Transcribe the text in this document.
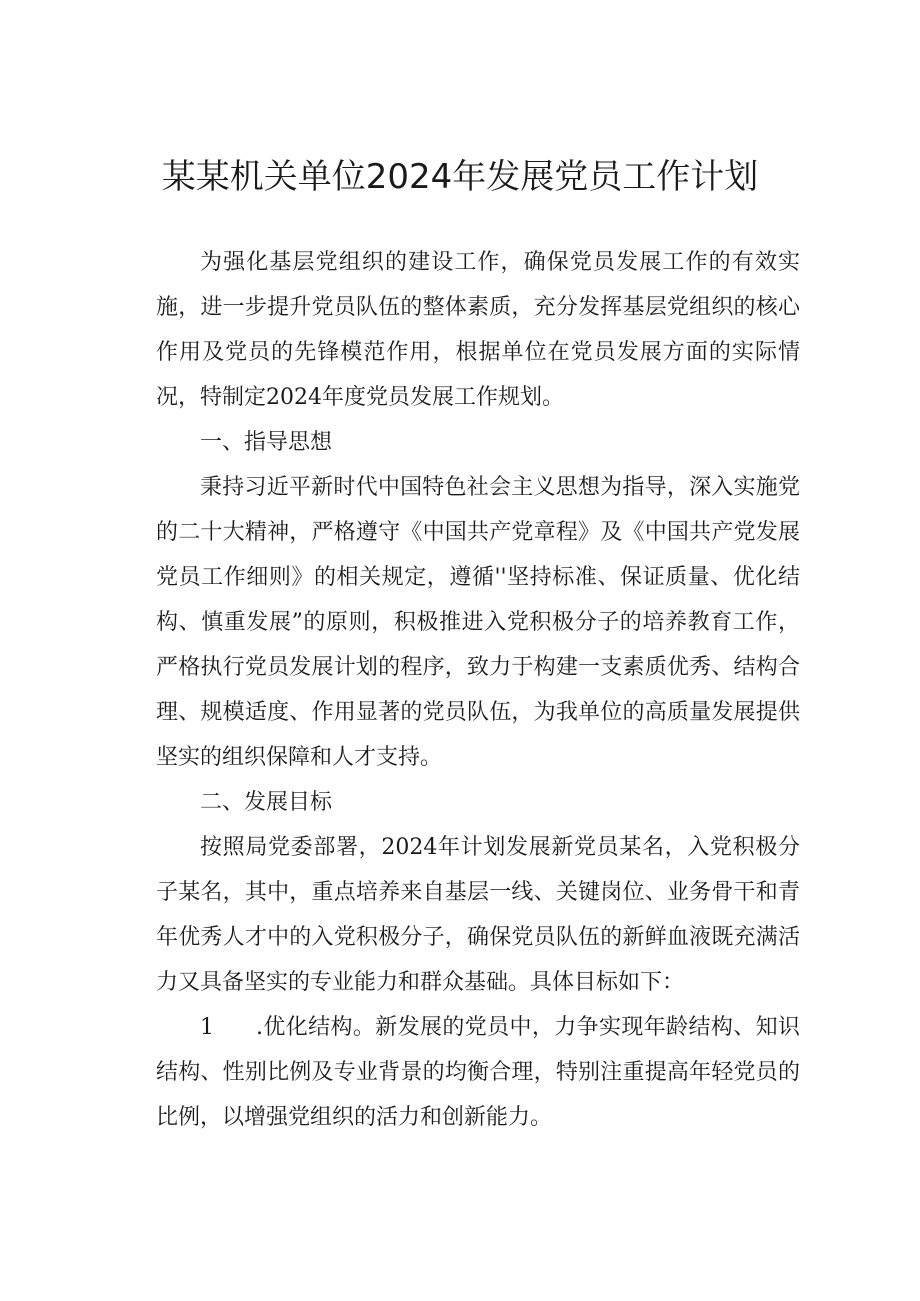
某某机关单位2024年发展党员工作计划

为强化基层党组织的建设工作，确保党员发展工作的有效实施，进一步提升党员队伍的整体素质，充分发挥基层党组织的核心作用及党员的先锋模范作用，根据单位在党员发展方面的实际情况，特制定2024年度党员发展工作规划。

一、指导思想

秉持习近平新时代中国特色社会主义思想为指导，深入实施党的二十大精神，严格遵守《中国共产党章程》及《中国共产党发展党员工作细则》的相关规定，遵循''坚持标准、保证质量、优化结构、慎重发展”的原则，积极推进入党积极分子的培养教育工作，严格执行党员发展计划的程序，致力于构建一支素质优秀、结构合理、规模适度、作用显著的党员队伍，为我单位的高质量发展提供坚实的组织保障和人才支持。

二、发展目标

按照局党委部署，2024年计划发展新党员某名，入党积极分子某名，其中，重点培养来自基层一线、关键岗位、业务骨干和青年优秀人才中的入党积极分子，确保党员队伍的新鲜血液既充满活力又具备坚实的专业能力和群众基础。具体目标如下：

1 .优化结构。新发展的党员中，力争实现年龄结构、知识结构、性别比例及专业背景的均衡合理，特别注重提高年轻党员的比例，以增强党组织的活力和创新能力。
